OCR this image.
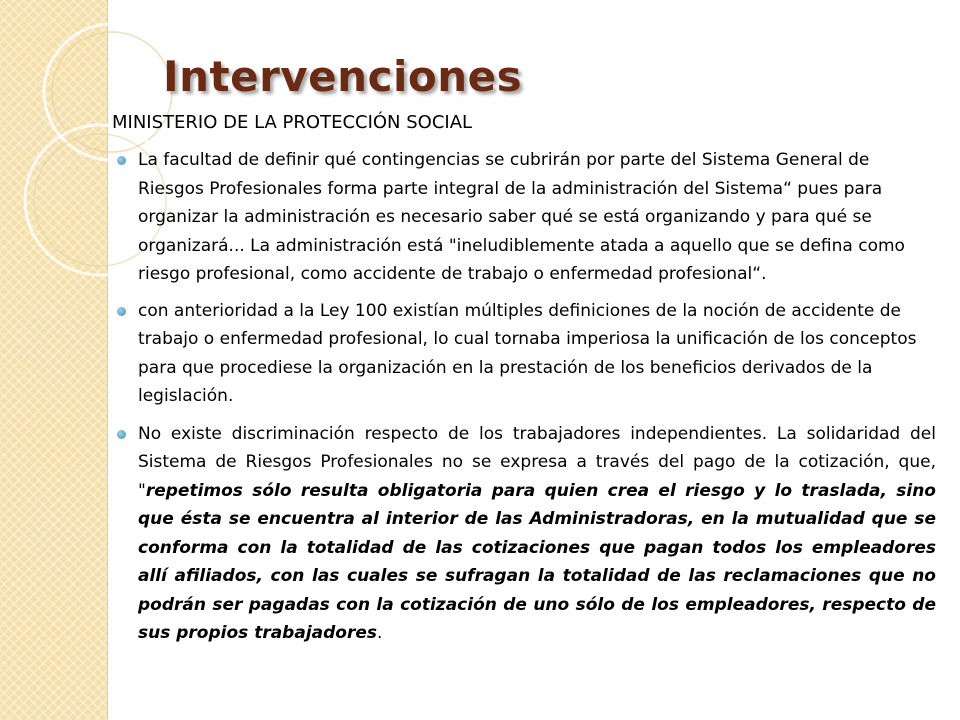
Intervenciones

MINISTERIO DE LA PROTECCIÓN SOCIAL

La facultad de definir qué contingencias se cubrirán por parte del Sistema General de Riesgos Profesionales forma parte integral de la administración del Sistema“ pues para organizar la administración es necesario saber qué se está organizando y para qué se organizará... La administración está "ineludiblemente atada a aquello que se defina como riesgo profesional, como accidente de trabajo o enfermedad profesional“.
con anterioridad a la Ley 100 existían múltiples definiciones de la noción de accidente de trabajo o enfermedad profesional, lo cual tornaba imperiosa la unificación de los conceptos para que procediese la organización en la prestación de los beneficios derivados de la legislación.
No existe discriminación respecto de los trabajadores independientes. La solidaridad del Sistema de Riesgos Profesionales no se expresa a través del pago de la cotización, que, "repetimos sólo resulta obligatoria para quien crea el riesgo y lo traslada, sino que ésta se encuentra al interior de las Administradoras, en la mutualidad que se conforma con la totalidad de las cotizaciones que pagan todos los empleadores allí afiliados, con las cuales se sufragan la totalidad de las reclamaciones que no podrán ser pagadas con la cotización de uno sólo de los empleadores, respecto de sus propios trabajadores.
